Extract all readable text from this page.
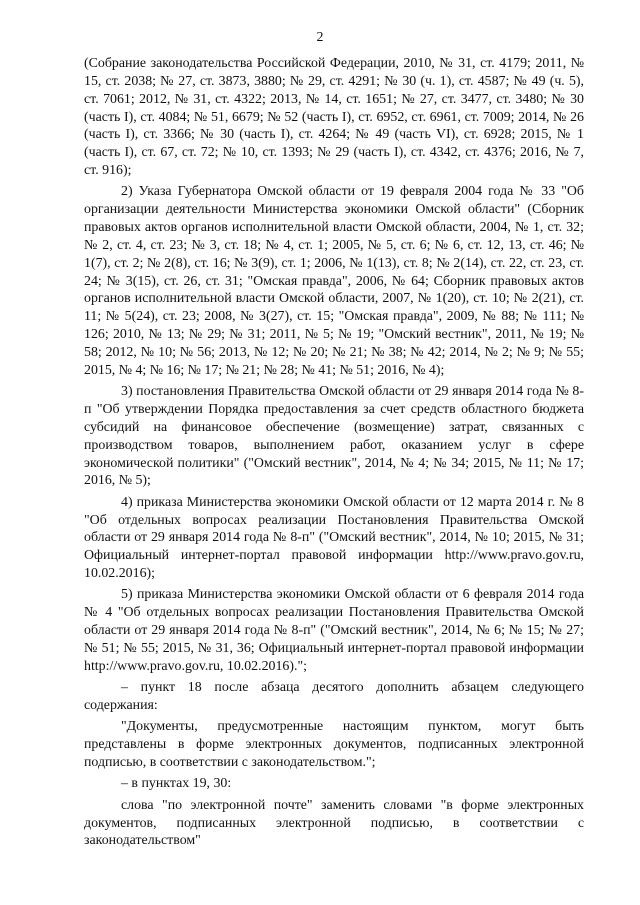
2

(Собрание законодательства Российской Федерации, 2010, № 31, ст. 4179; 2011, № 15, ст. 2038; № 27, ст. 3873, 3880; № 29, ст. 4291; № 30 (ч. 1), ст. 4587; № 49 (ч. 5), ст. 7061; 2012, № 31, ст. 4322; 2013, № 14, ст. 1651; № 27, ст. 3477, ст. 3480; № 30 (часть I), ст. 4084; № 51, 6679; № 52 (часть I), ст. 6952, ст. 6961, ст. 7009; 2014, № 26 (часть I), ст. 3366; № 30 (часть I), ст. 4264; № 49 (часть VI), ст. 6928; 2015, № 1 (часть I), ст. 67, ст. 72; № 10, ст. 1393; № 29 (часть I), ст. 4342, ст. 4376; 2016, № 7, ст. 916);

2) Указа Губернатора Омской области от 19 февраля 2004 года № 33 "Об организации деятельности Министерства экономики Омской области" (Сборник правовых актов органов исполнительной власти Омской области, 2004, № 1, ст. 32; № 2, ст. 4, ст. 23; № 3, ст. 18; № 4, ст. 1; 2005, № 5, ст. 6; № 6, ст. 12, 13, ст. 46; № 1(7), ст. 2; № 2(8), ст. 16; № 3(9), ст. 1; 2006, № 1(13), ст. 8; № 2(14), ст. 22, ст. 23, ст. 24; № 3(15), ст. 26, ст. 31; "Омская правда", 2006, № 64; Сборник правовых актов органов исполнительной власти Омской области, 2007, № 1(20), ст. 10; № 2(21), ст. 11; № 5(24), ст. 23; 2008, № 3(27), ст. 15; "Омская правда", 2009, № 88; № 111; № 126; 2010, № 13; № 29; № 31; 2011, № 5; № 19; "Омский вестник", 2011, № 19; № 58; 2012, № 10; № 56; 2013, № 12; № 20; № 21; № 38; № 42; 2014, № 2; № 9; № 55; 2015, № 4; № 16; № 17; № 21; № 28; № 41; № 51; 2016, № 4);

3) постановления Правительства Омской области от 29 января 2014 года № 8-п "Об утверждении Порядка предоставления за счет средств областного бюджета субсидий на финансовое обеспечение (возмещение) затрат, связанных с производством товаров, выполнением работ, оказанием услуг в сфере экономической политики" ("Омский вестник", 2014, № 4; № 34; 2015, № 11; № 17; 2016, № 5);

4) приказа Министерства экономики Омской области от 12 марта 2014 г. № 8 "Об отдельных вопросах реализации Постановления Правительства Омской области от 29 января 2014 года № 8-п" ("Омский вестник", 2014, № 10; 2015, № 31; Официальный интернет-портал правовой информации http://www.pravo.gov.ru, 10.02.2016);

5) приказа Министерства экономики Омской области от 6 февраля 2014 года № 4 "Об отдельных вопросах реализации Постановления Правительства Омской области от 29 января 2014 года № 8-п" ("Омский вестник", 2014, № 6; № 15; № 27; № 51; № 55; 2015, № 31, 36; Официальный интернет-портал правовой информации http://www.pravo.gov.ru, 10.02.2016).";

– пункт 18 после абзаца десятого дополнить абзацем следующего содержания:

"Документы, предусмотренные настоящим пунктом, могут быть представлены в форме электронных документов, подписанных электронной подписью, в соответствии с законодательством.";

– в пунктах 19, 30:

слова "по электронной почте" заменить словами "в форме электронных документов, подписанных электронной подписью, в соответствии с законодательством"
